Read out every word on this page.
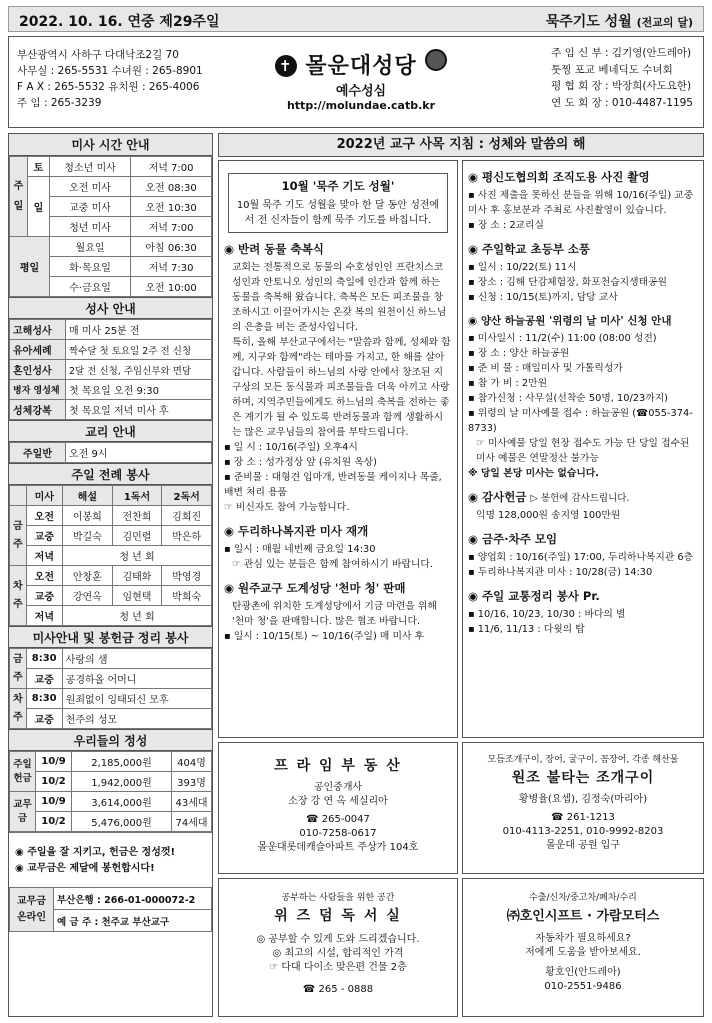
2022. 10. 16. 연중 제29주일	묵주기도 성월 (전교의 달)
부산광역시 사하구 다대낙조2길 70
사무실 : 265-5531 수녀원 : 265-8901
F A X : 265-5532 유치원 : 265-4006
주 임 : 265-3239
✝ 몰운대성당
예수성심
http://molundae.catb.kr
주 임 신 부 : 김기영(안드레아)
툿찡 포교 베네딕도 수녀회
평 협 회 장 : 박장희(사도요한)
연 도 회 장 : 010-4487-1195
미사 시간 안내
주일	토	청소년 미사	저녁 7:00
	일	오전 미사	오전 08:30
		교중 미사	오전 10:30
		청년 미사	저녁 7:00
평일		월요일	아침 06:30
		화·목요일	저녁 7:30
		수·금요일	오전 10:00
성사 안내
고해성사	매 미사 25분 전
유아세례	짝수달 첫 토요일 2주 전 신청
혼인성사	2달 전 신청, 주임신부와 면담
병자 영성체	첫 목요일 오전 9:30
성체강복	첫 목요일 저녁 미사 후
교리 안내
주일반	오전 9시
주일 전례 봉사
	미사	해설	1독서	2독서
금주	오전	이봉희	전찬희	김희진
	교중	박길숙	김민렬	박은하
	저녁	청 년 회		
차주	오전	안창훈	김태화	박영경
	교중	강연옥	임현택	박희숙
	저녁	청 년 회		
미사안내 및 봉헌금 정리 봉사
금주	8:30	사랑의 샘
	교중	공경하올 어머니
차주	8:30	원죄없이 잉태되신 모후
	교중	천주의 성모
우리들의 정성
주일헌금	10/9	2,185,000원	404명
	10/2	1,942,000원	393명
교무금	10/9	3,614,000원	43세대
	10/2	5,476,000원	74세대
◉ 주일을 잘 지키고, 헌금은 정성껏!
◉ 교무금은 제달에 봉헌합시다!
교무금 온라인	부산은행 : 266-01-000072-2
예 금 주 : 천주교 부산교구
2022년 교구 사목 지침 : 성체와 말씀의 해
10월 '묵주 기도 성월'

10월 묵주 기도 성월을 맞아 한 달 동안 성전에서 전 신자들이 함께 묵주 기도를 바칩니다.

◉ 반려 동물 축복식
교회는 전통적으로 동물의 수호성인인 프란치스코 성인과 안토니오 성인의 축일에 인간과 함께 하는 동물을 축복해 왔습니다. 축복은 모든 피조물을 창조하시고 이끌어가시는 온갖 복의 원천이신 하느님의 은총을 비는 준성사입니다.
특히, 올해 부산교구에서는 "말씀과 함께, 성체와 함께, 지구와 함께"라는 테마를 가지고, 한 해를 살아갑니다. 사람들이 하느님의 사랑 안에서 창조된 지구상의 모든 동식물과 피조물들을 더욱 아끼고 사랑하며, 지역주민들에게도 하느님의 축복을 전하는 좋은 계기가 될 수 있도록 반려동물과 함께 생활하시는 많은 교우님들의 참여를 부탁드립니다.
▪ 일 시 : 10/16(주일) 오후4시
▪ 장 소 : 성가정상 앞 (유치원 옥상)
▪ 준비물 : 대형견 입마개, 반려동물 케이지나 목줄, 배변 처리 용품
☞ 비신자도 참여 가능합니다.
◉ 두리하나복지관 미사 재개
▪ 일시 : 매월 네번째 금요일 14:30
☞ 관심 있는 분들은 함께 참여하시기 바랍니다.
◉ 원주교구 도계성당 '천마 청' 판매
탄광촌에 위치한 도계성당에서 기금 마련을 위해 '천마 청'을 판매합니다. 많은 협조 바랍니다.
▪ 일시 : 10/15(토) ~ 10/16(주일) 매 미사 후
◉ 평신도협의회 조직도용 사진 촬영
▪ 사진 제출을 못하신 분들을 위해 10/16(주일) 교중 미사 후 홍보분과 주최로 사진촬영이 있습니다.
▪ 장 소 : 2교리실
◉ 주일학교 초등부 소풍
▪ 일시 : 10/22(토) 11시
▪ 장소 : 김해 단감체험장, 화포천습지생태공원
▪ 신청 : 10/15(토)까지, 담당 교사
◉ 양산 하늘공원 '위령의 날 미사' 신청 안내
▪ 미사일시 : 11/2(수) 11:00 (08:00 성전)
▪ 장 소 : 양산 하늘공원
▪ 준 비 물 : 매일미사 및 가톨릭성가
▪ 참 가 비 : 2만원
▪ 참가신청 : 사무실(선착순 50명, 10/23까지)
▪ 위령의 날 미사예물 접수 : 하늘공원 (☎055-374-8733)
☞ 미사예물 당일 현장 접수도 가능 단 당일 접수된 미사 예물은 연말정산 불가능
※ 당일 본당 미사는 없습니다.
◉ 감사헌금 ▷ 봉헌에 감사드립니다.
익명 128,000원 송지영 100만원
◉ 금주·차주 모임
▪ 양업회 : 10/16(주일) 17:00, 두리하나복지관 6층
▪ 두리하나복지관 미사 : 10/28(금) 14:30
◉ 주일 교통정리 봉사 Pr.
▪ 10/16, 10/23, 10/30 : 바다의 별
▪ 11/6, 11/13 : 다윗의 탑
프 라 임 부 동 산
공인중개사
소장 강 연 옥 세실리아
☎ 265-0047
010-7258-0617
몰운대롯데캐슬아파트 주상가 104호
모듬조개구이, 장어, 굴구이, 꼼장어, 각종 해산물
원조 불타는 조개구이
황병율(요셉), 김정숙(마리아)
☎ 261-1213
010-4113-2251, 010-9992-8203
몰운대 공원 입구
공부하는 사람들을 위한 공간
위 즈 덤 독 서 실
◎ 공부할 수 있게 도와 드리겠습니다.
◎ 최고의 시설, 합리적인 가격
☞ 다대 다이소 맞은편 건물 2층
☎ 265 - 0888
수출/신차/중고차/폐차/수리
㈜호인시프트 · 가람모터스
자동차가 필요하세요?
저에게 도움을 받아보세요.
황호인(안드레아)
010-2551-9486
